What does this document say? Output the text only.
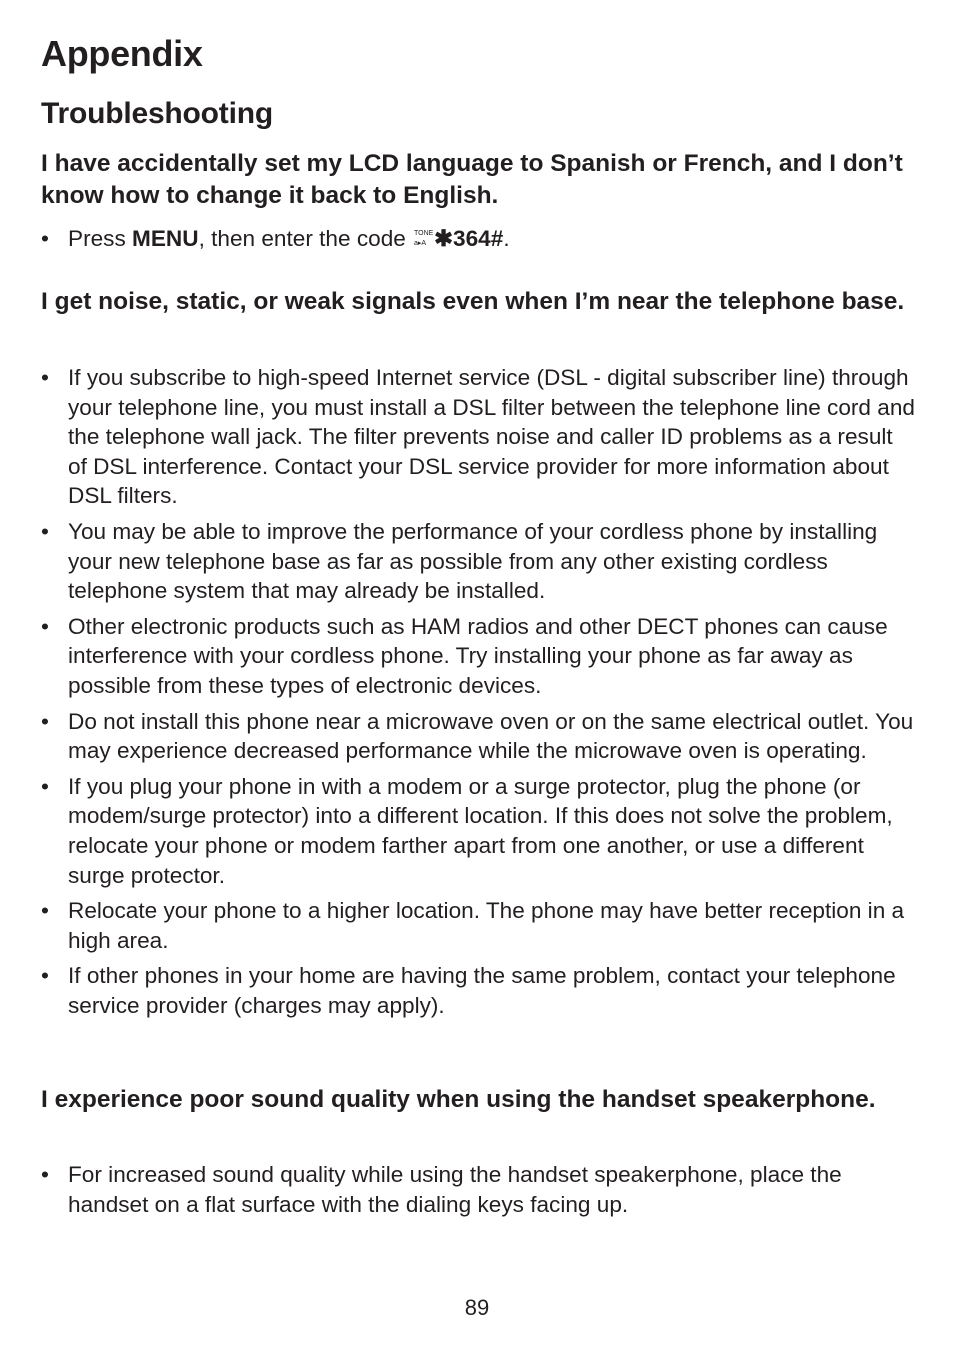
Appendix
Troubleshooting

I have accidentally set my LCD language to Spanish or French, and I don’t know how to change it back to English.

• Press MENU, then enter the code TONE
a▸A ✱364#.

I get noise, static, or weak signals even when I’m near the telephone base.

• If you subscribe to high-speed Internet service (DSL - digital subscriber line) through your telephone line, you must install a DSL filter between the telephone line cord and the telephone wall jack. The filter prevents noise and caller ID problems as a result of DSL interference. Contact your DSL service provider for more information about DSL filters.
• You may be able to improve the performance of your cordless phone by installing your new telephone base as far as possible from any other existing cordless telephone system that may already be installed.
• Other electronic products such as HAM radios and other DECT phones can cause interference with your cordless phone. Try installing your phone as far away as possible from these types of electronic devices.
• Do not install this phone near a microwave oven or on the same electrical outlet. You may experience decreased performance while the microwave oven is operating.
• If you plug your phone in with a modem or a surge protector, plug the phone (or modem/surge protector) into a different location. If this does not solve the problem, relocate your phone or modem farther apart from one another, or use a different surge protector.
• Relocate your phone to a higher location. The phone may have better reception in a high area.
• If other phones in your home are having the same problem, contact your telephone service provider (charges may apply).

I experience poor sound quality when using the handset speakerphone.

• For increased sound quality while using the handset speakerphone, place the handset on a flat surface with the dialing keys facing up.
89
